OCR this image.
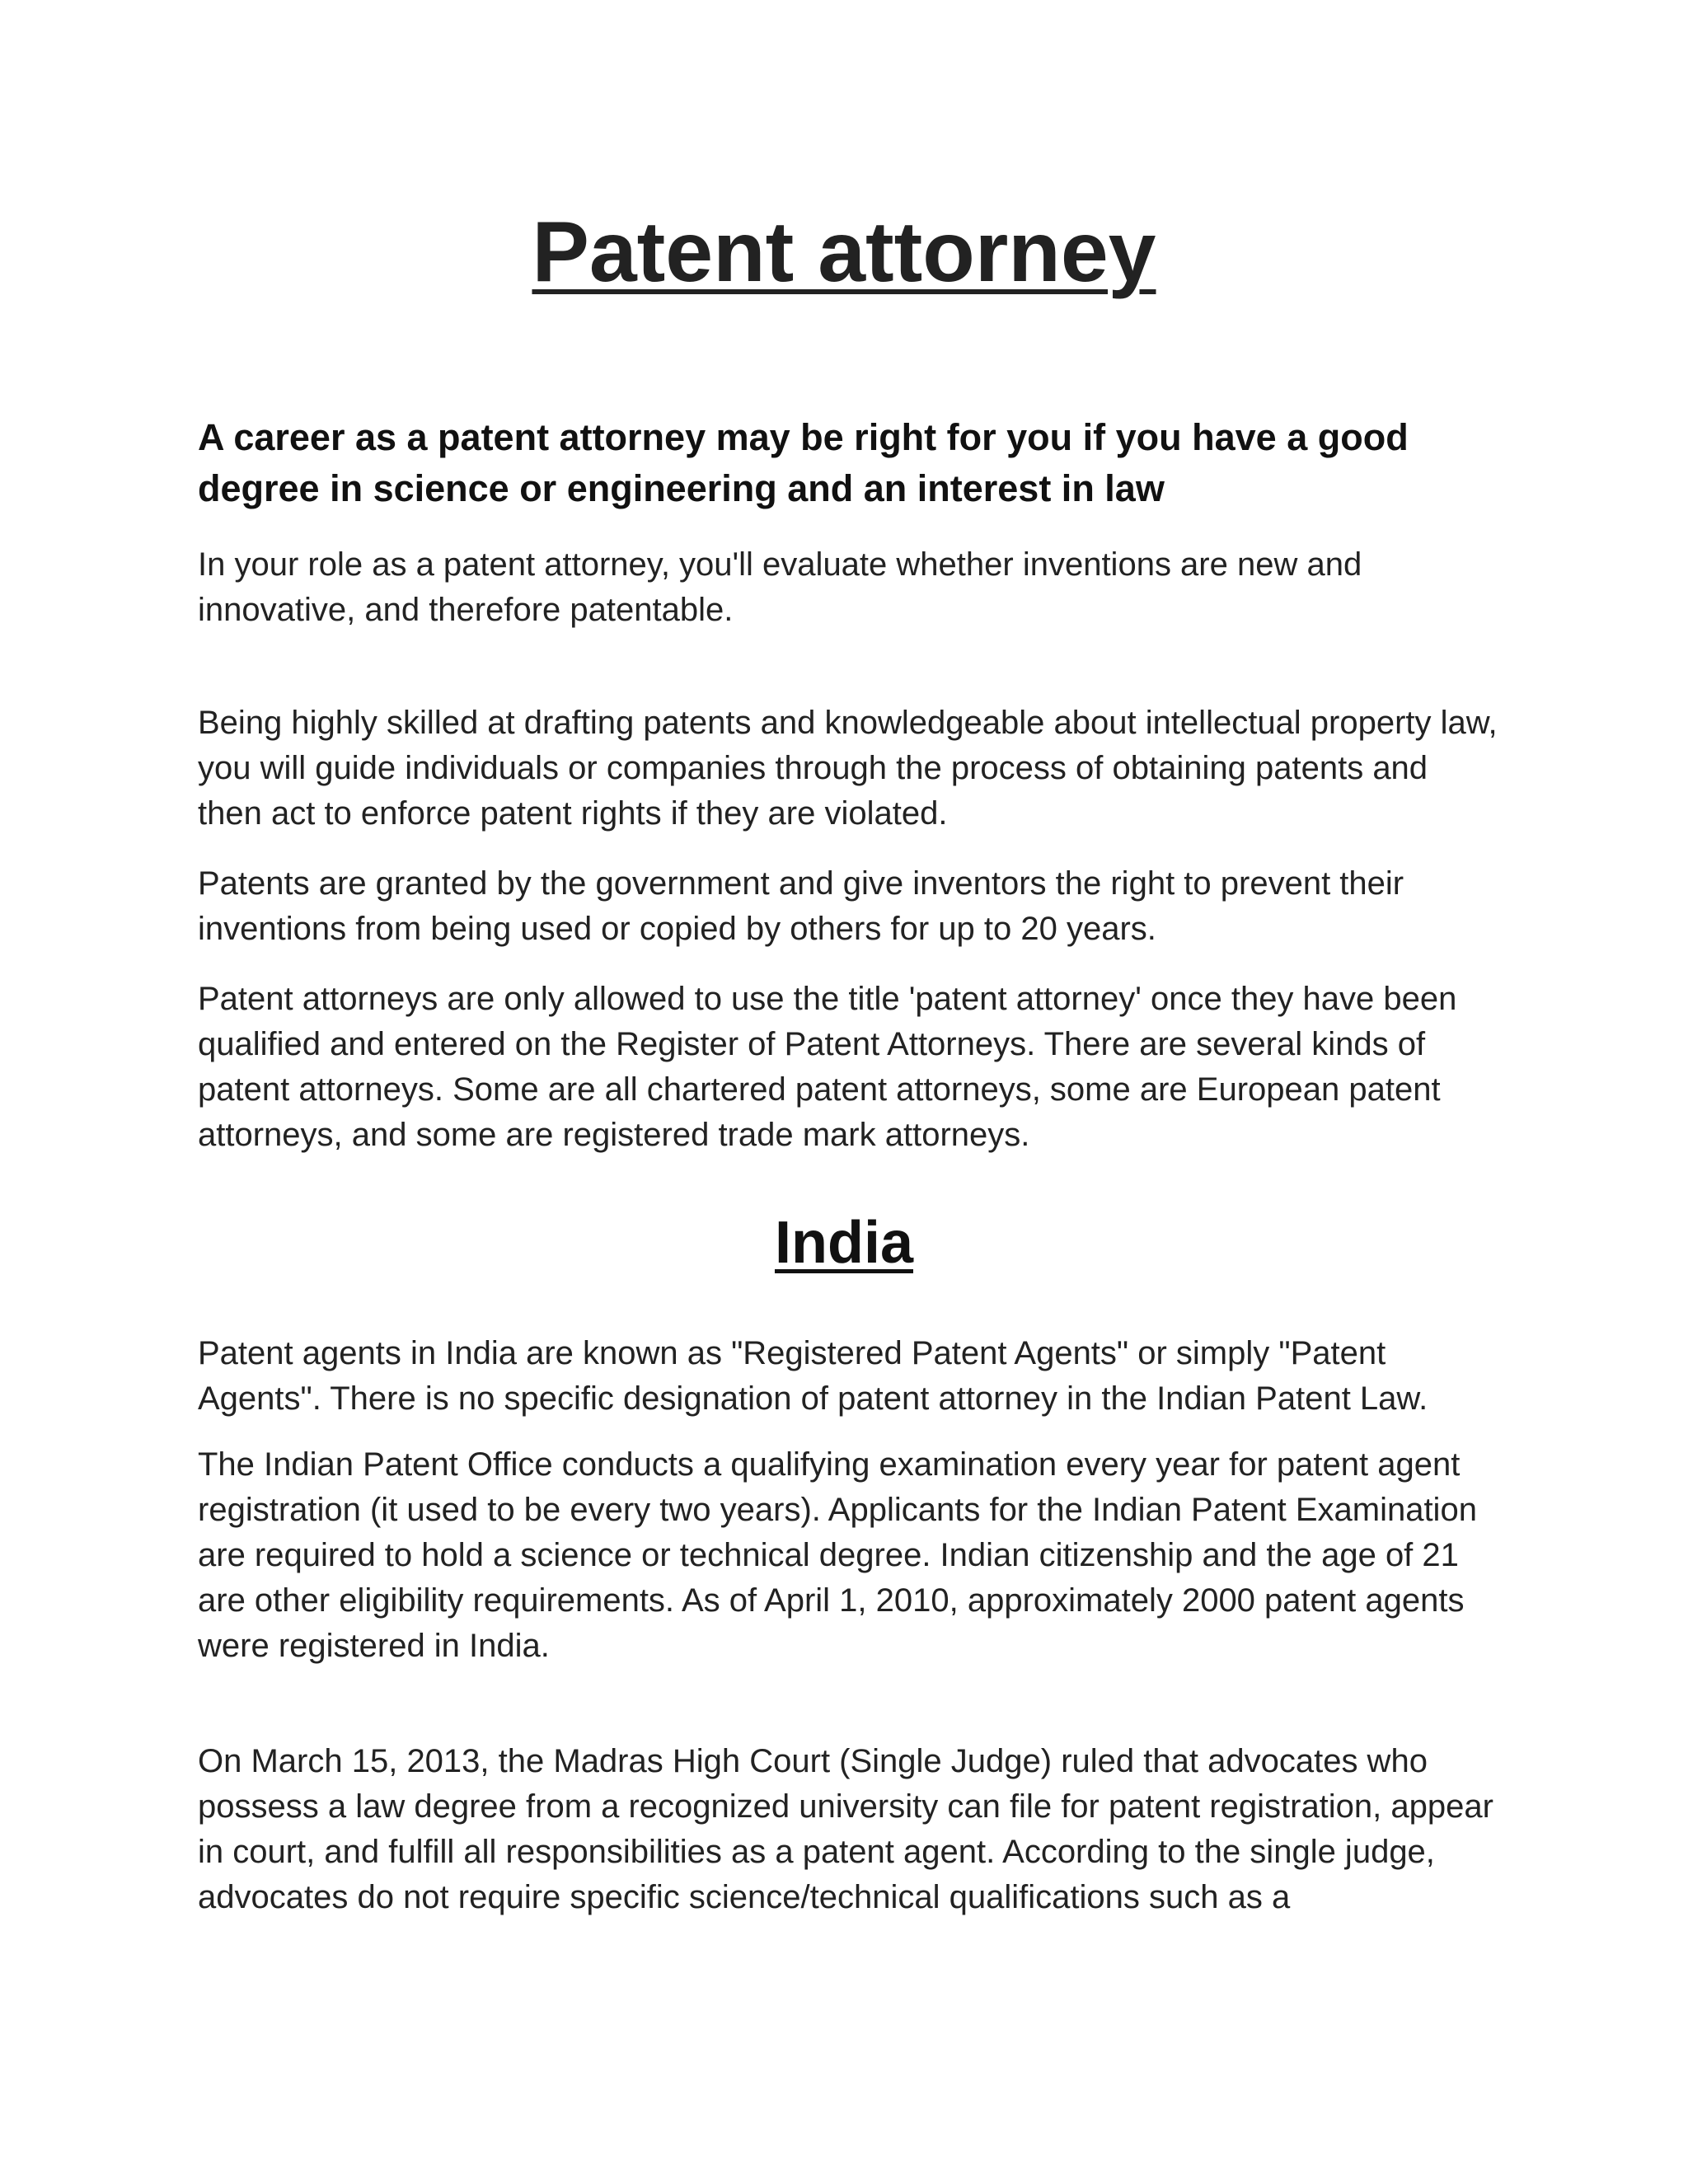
Patent attorney

A career as a patent attorney may be right for you if you have a good degree in science or engineering and an interest in law

In your role as a patent attorney, you'll evaluate whether inventions are new and innovative, and therefore patentable.

Being highly skilled at drafting patents and knowledgeable about intellectual property law, you will guide individuals or companies through the process of obtaining patents and then act to enforce patent rights if they are violated.

Patents are granted by the government and give inventors the right to prevent their inventions from being used or copied by others for up to 20 years.

Patent attorneys are only allowed to use the title 'patent attorney' once they have been qualified and entered on the Register of Patent Attorneys. There are several kinds of patent attorneys. Some are all chartered patent attorneys, some are European patent attorneys, and some are registered trade mark attorneys.

India

Patent agents in India are known as "Registered Patent Agents" or simply "Patent Agents". There is no specific designation of patent attorney in the Indian Patent Law.

The Indian Patent Office conducts a qualifying examination every year for patent agent registration (it used to be every two years). Applicants for the Indian Patent Examination are required to hold a science or technical degree. Indian citizenship and the age of 21 are other eligibility requirements. As of April 1, 2010, approximately 2000 patent agents were registered in India.

On March 15, 2013, the Madras High Court (Single Judge) ruled that advocates who possess a law degree from a recognized university can file for patent registration, appear in court, and fulfill all responsibilities as a patent agent. According to the single judge, advocates do not require specific science/technical qualifications such as a
